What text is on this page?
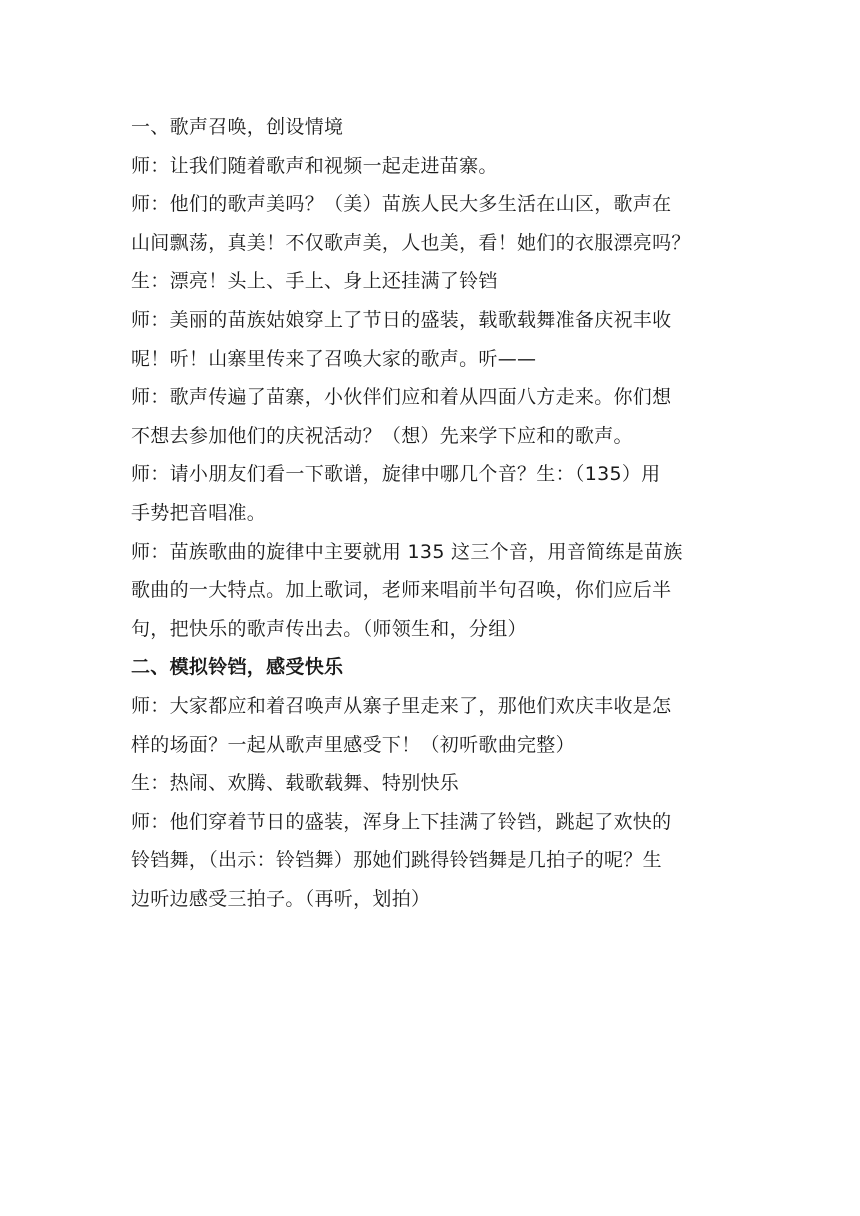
一、歌声召唤，创设情境
师：让我们随着歌声和视频一起走进苗寨。
师：他们的歌声美吗？（美）苗族人民大多生活在山区，歌声在
山间飘荡，真美！不仅歌声美，人也美，看！她们的衣服漂亮吗？
生：漂亮！头上、手上、身上还挂满了铃铛
师：美丽的苗族姑娘穿上了节日的盛装，载歌载舞准备庆祝丰收
呢！听！山寨里传来了召唤大家的歌声。听——
师：歌声传遍了苗寨，小伙伴们应和着从四面八方走来。你们想
不想去参加他们的庆祝活动？（想）先来学下应和的歌声。
师：请小朋友们看一下歌谱，旋律中哪几个音？生：（135）用
手势把音唱准。
师：苗族歌曲的旋律中主要就用 135 这三个音，用音简练是苗族
歌曲的一大特点。加上歌词，老师来唱前半句召唤，你们应后半
句，把快乐的歌声传出去。（师领生和，分组）
二、模拟铃铛，感受快乐
师：大家都应和着召唤声从寨子里走来了，那他们欢庆丰收是怎
样的场面？一起从歌声里感受下！（初听歌曲完整）
生：热闹、欢腾、载歌载舞、特别快乐
师：他们穿着节日的盛装，浑身上下挂满了铃铛，跳起了欢快的
铃铛舞，（出示：铃铛舞）那她们跳得铃铛舞是几拍子的呢？生
边听边感受三拍子。（再听，划拍）
